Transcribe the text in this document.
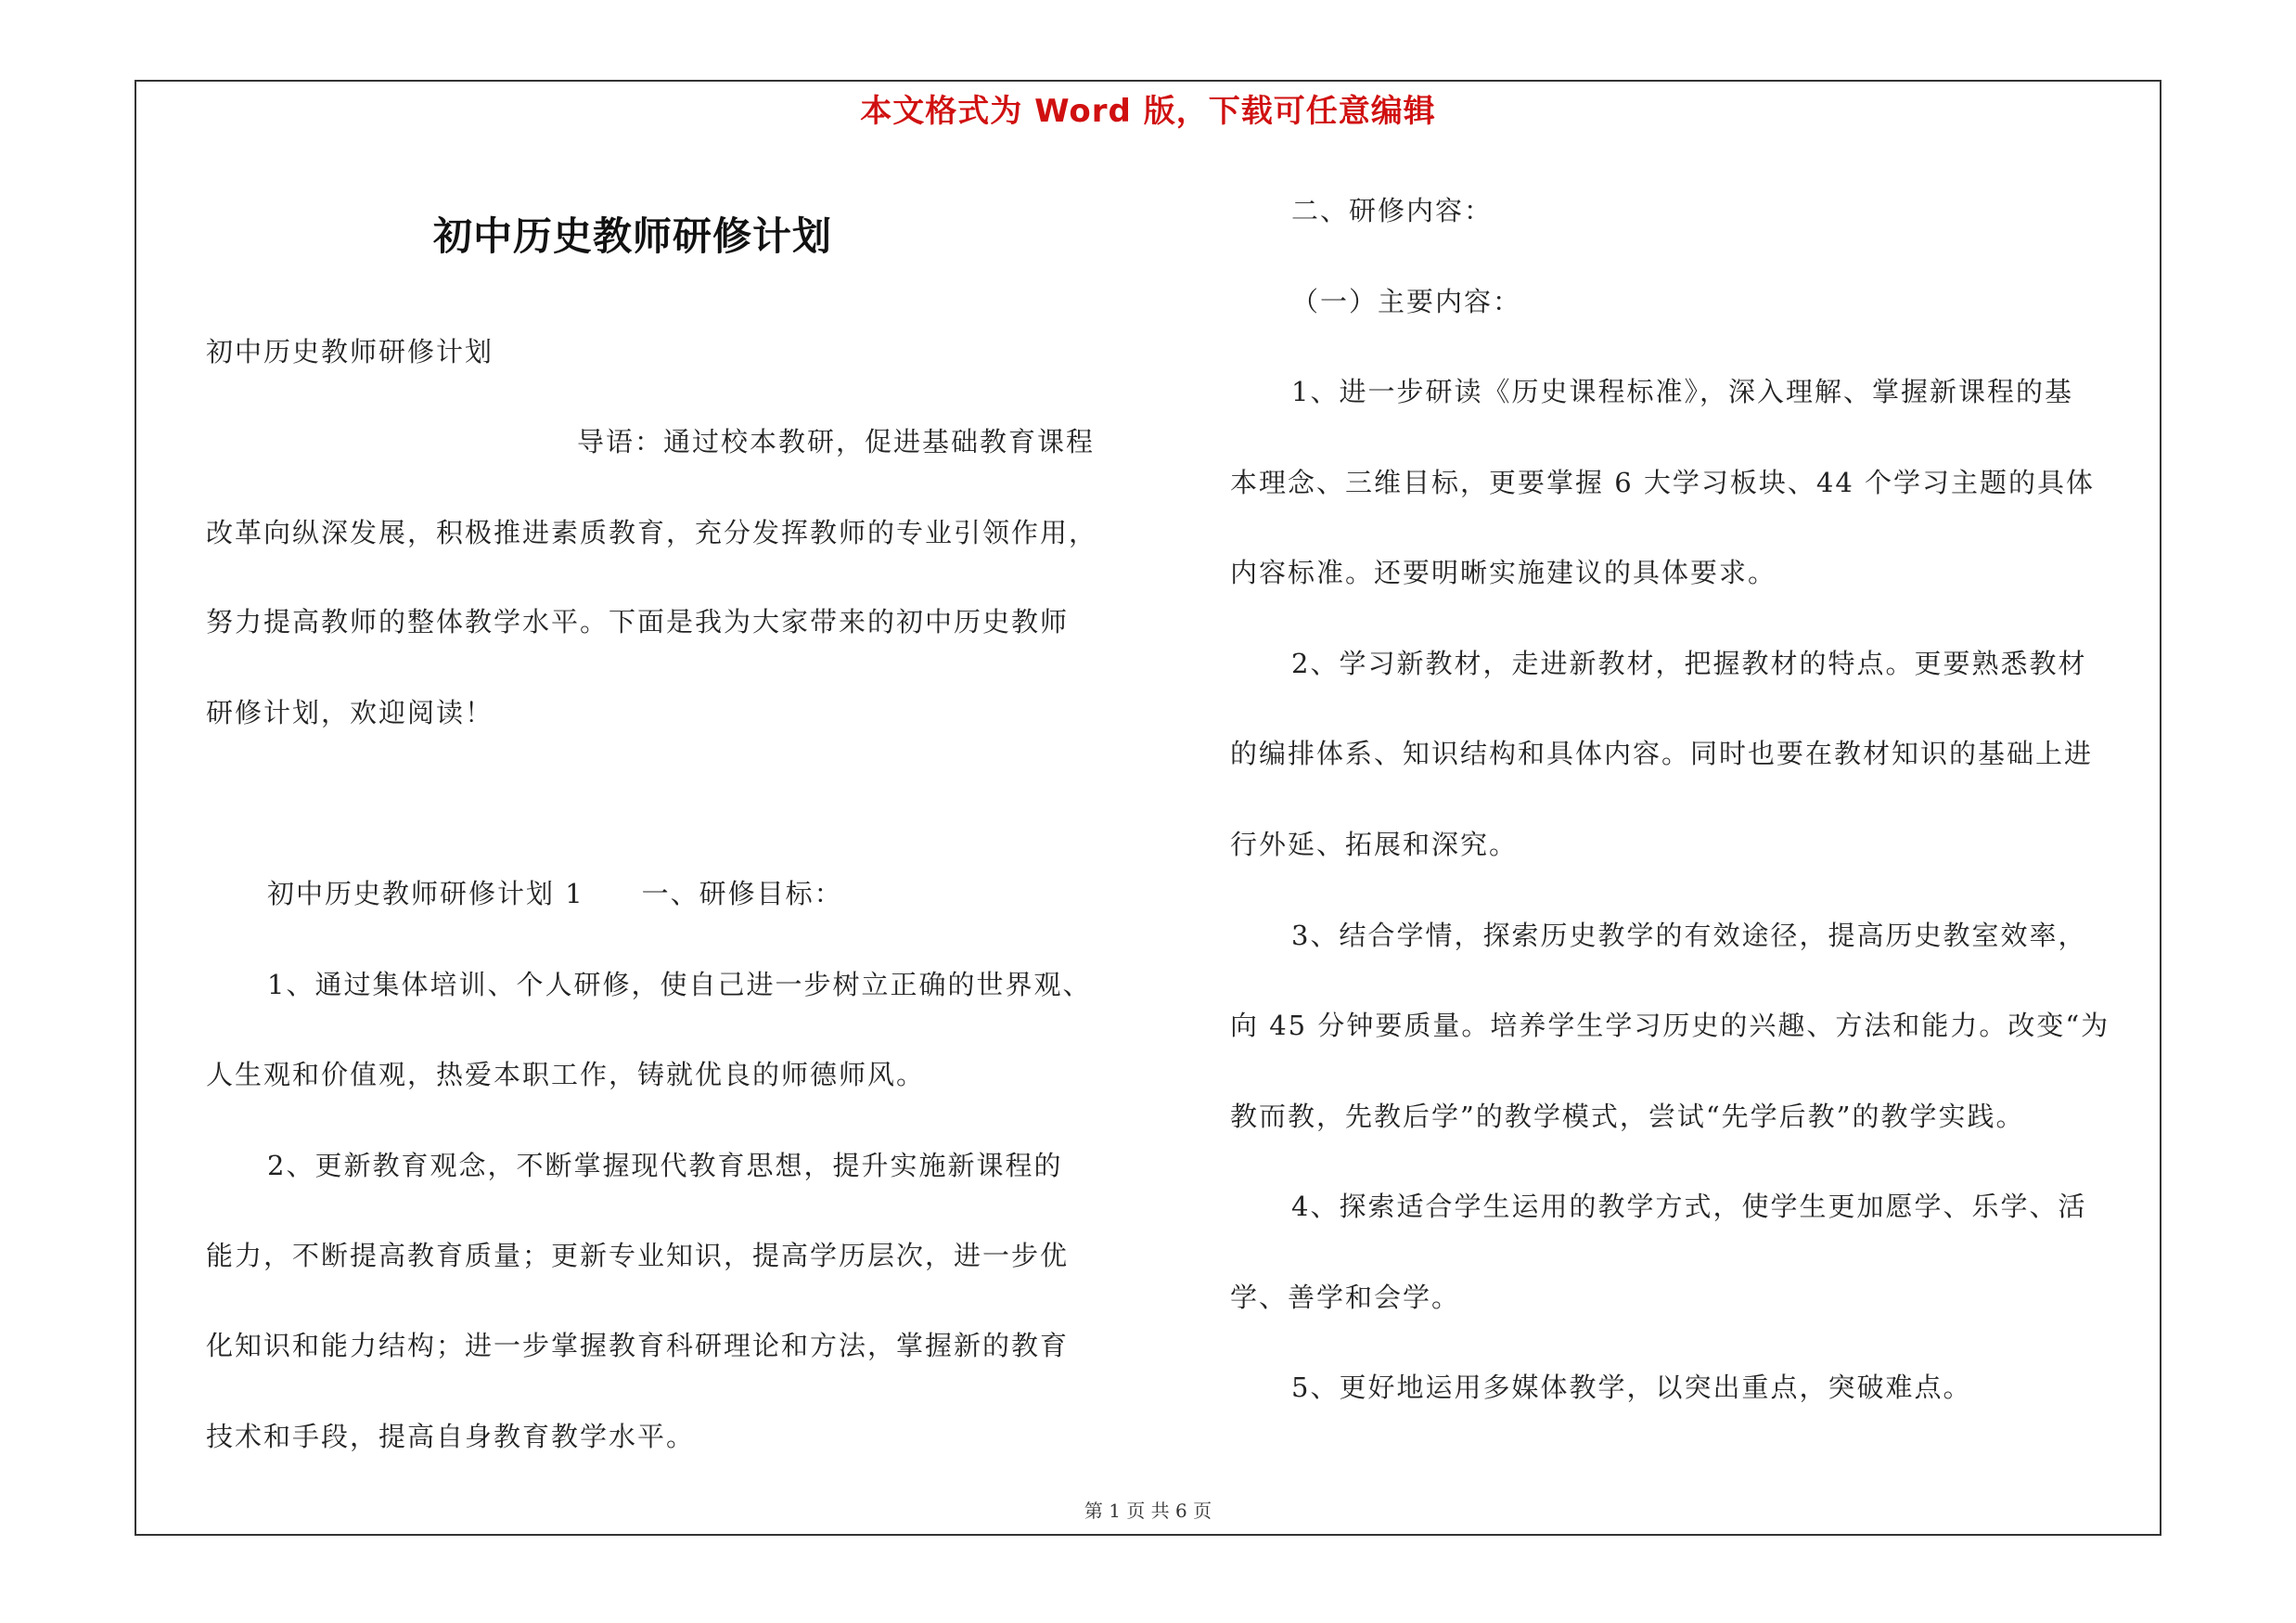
本文格式为 Word 版，下载可任意编辑
初中历史教师研修计划
初中历史教师研修计划
导语：通过校本教研，促进基础教育课程
改革向纵深发展，积极推进素质教育，充分发挥教师的专业引领作用，
努力提高教师的整体教学水平。下面是我为大家带来的初中历史教师
研修计划，欢迎阅读！
初中历史教师研修计划 1　　一、研修目标：
1、通过集体培训、个人研修，使自己进一步树立正确的世界观、
人生观和价值观，热爱本职工作，铸就优良的师德师风。
2、更新教育观念，不断掌握现代教育思想，提升实施新课程的
能力，不断提高教育质量；更新专业知识，提高学历层次，进一步优
化知识和能力结构；进一步掌握教育科研理论和方法，掌握新的教育
技术和手段，提高自身教育教学水平。
二、研修内容：
（一）主要内容：
1、进一步研读《历史课程标准》，深入理解、掌握新课程的基
本理念、三维目标，更要掌握 6 大学习板块、44 个学习主题的具体
内容标准。还要明晰实施建议的具体要求。
2、学习新教材，走进新教材，把握教材的特点。更要熟悉教材
的编排体系、知识结构和具体内容。同时也要在教材知识的基础上进
行外延、拓展和深究。
3、结合学情，探索历史教学的有效途径，提高历史教室效率，
向 45 分钟要质量。培养学生学习历史的兴趣、方法和能力。改变“为
教而教，先教后学”的教学模式，尝试“先学后教”的教学实践。
4、探索适合学生运用的教学方式，使学生更加愿学、乐学、活
学、善学和会学。
5、更好地运用多媒体教学，以突出重点，突破难点。
第 1 页 共 6 页
